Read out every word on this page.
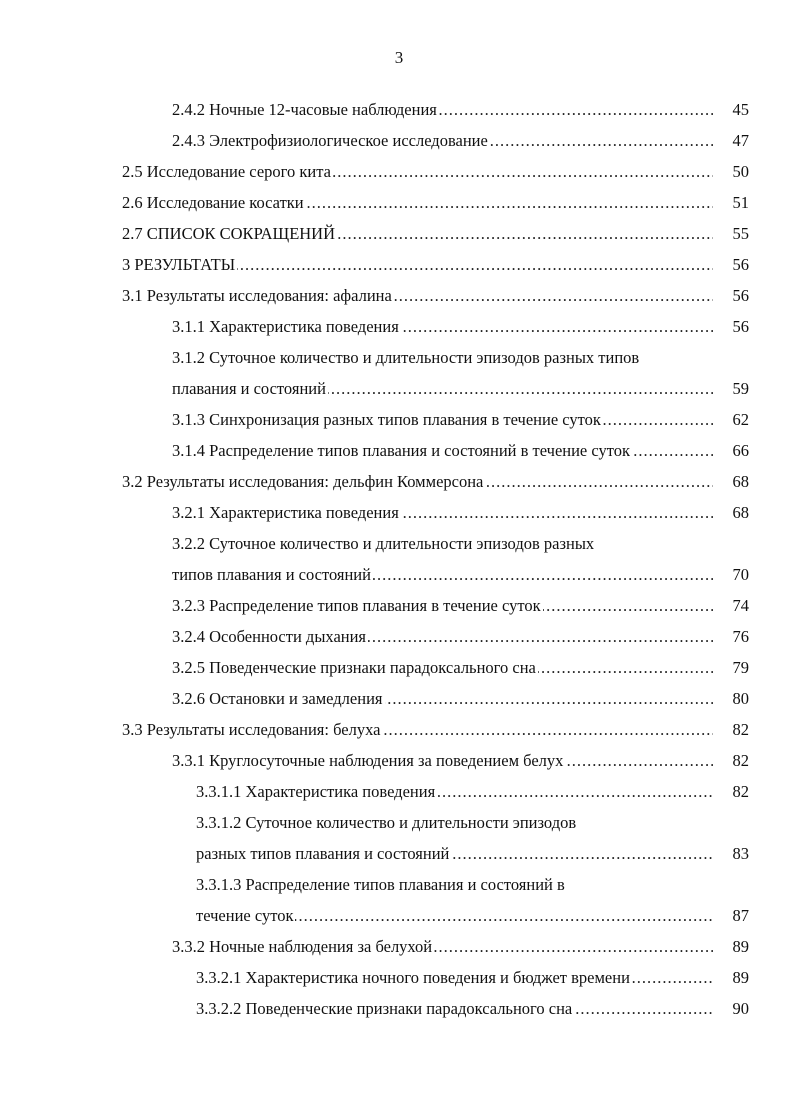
3
.....
2.4.2 Ночные 12-часовые наблюдения	45
.....
2.4.3 Электрофизиологическое исследование	47
.....
2.5 Исследование серого кита	50
.....
2.6 Исследование косатки	51
.....
2.7 СПИСОК СОКРАЩЕНИЙ	55
.....
3 РЕЗУЛЬТАТЫ	56
.....
3.1 Результаты исследования: афалина	56
.....
3.1.1 Характеристика поведения	56
3.1.2 Суточное количество и длительности эпизодов разных типов
.....
плавания и состояний	59
.....
3.1.3 Синхронизация разных типов плавания в течение суток	62
.....
3.1.4 Распределение типов плавания и состояний в течение суток	66
.....
3.2 Результаты исследования: дельфин Коммерсона	68
.....
3.2.1 Характеристика поведения	68
3.2.2 Суточное количество и длительности эпизодов разных
.....
типов плавания и состояний	70
.....
3.2.3 Распределение типов плавания в течение суток	74
.....
3.2.4 Особенности дыхания	76
.....
3.2.5 Поведенческие признаки парадоксального сна	79
.....
3.2.6 Остановки и замедления	80
.....
3.3 Результаты исследования: белуха	82
.....
3.3.1 Круглосуточные наблюдения за поведением белух	82
.....
3.3.1.1 Характеристика поведения	82
3.3.1.2 Суточное количество и длительности эпизодов
.....
разных типов плавания и состояний	83
3.3.1.3 Распределение типов плавания и состояний в
.....
течение суток	87
.....
3.3.2 Ночные наблюдения за белухой	89
.....
3.3.2.1 Характеристика ночного поведения и бюджет времени	89
.....
3.3.2.2 Поведенческие признаки парадоксального сна	90
